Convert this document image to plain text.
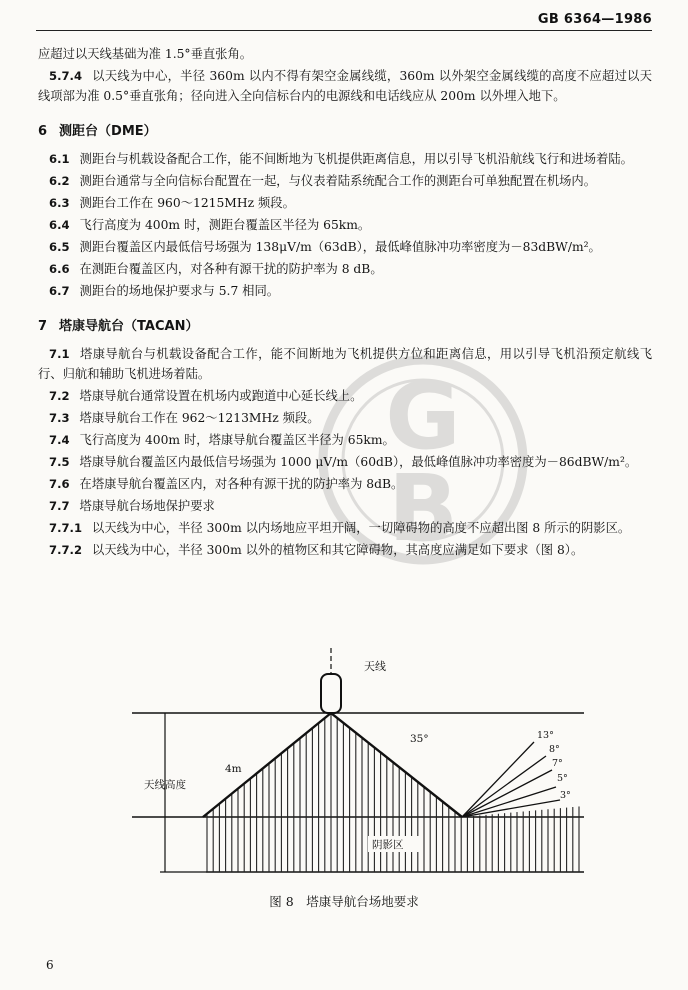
GB 6364—1986
G
B

应超过以天线基础为准 1.5°垂直张角。

5.7.4 以天线为中心，半径 360m 以内不得有架空金属线缆，360m 以外架空金属线缆的高度不应超过以天线项部为准 0.5°垂直张角；径向进入全向信标台内的电源线和电话线应从 200m 以外埋入地下。

6 测距台（DME）

6.1 测距台与机载设备配合工作，能不间断地为飞机提供距离信息，用以引导飞机沿航线飞行和进场着陆。

6.2 测距台通常与全向信标台配置在一起，与仪表着陆系统配合工作的测距台可单独配置在机场内。

6.3 测距台工作在 960～1215MHz 频段。

6.4 飞行高度为 400m 时，测距台覆盖区半径为 65km。

6.5 测距台覆盖区内最低信号场强为 138μV/m（63dB），最低峰值脉冲功率密度为－83dBW/m²。

6.6 在测距台覆盖区内，对各种有源干扰的防护率为 8 dB。

6.7 测距台的场地保护要求与 5.7 相同。

7 塔康导航台（TACAN）

7.1 塔康导航台与机载设备配合工作，能不间断地为飞机提供方位和距离信息，用以引导飞机沿预定航线飞行、归航和辅助飞机进场着陆。

7.2 塔康导航台通常设置在机场内或跑道中心延长线上。

7.3 塔康导航台工作在 962～1213MHz 频段。

7.4 飞行高度为 400m 时，塔康导航台覆盖区半径为 65km。

7.5 塔康导航台覆盖区内最低信号场强为 1000 μV/m（60dB），最低峰值脉冲功率密度为－86dBW/m²。

7.6 在塔康导航台覆盖区内，对各种有源干扰的防护率为 8dB。

7.7 塔康导航台场地保护要求

7.7.1 以天线为中心，半径 300m 以内场地应平坦开阔，一切障碍物的高度不应超出图 8 所示的阴影区。

7.7.2 以天线为中心，半径 300m 以外的植物区和其它障碍物，其高度应满足如下要求（图 8）。

天线
天线高度
4m
35°
阴影区
13°
8°
7°
5°
3°
图 8　塔康导航台场地要求
6
